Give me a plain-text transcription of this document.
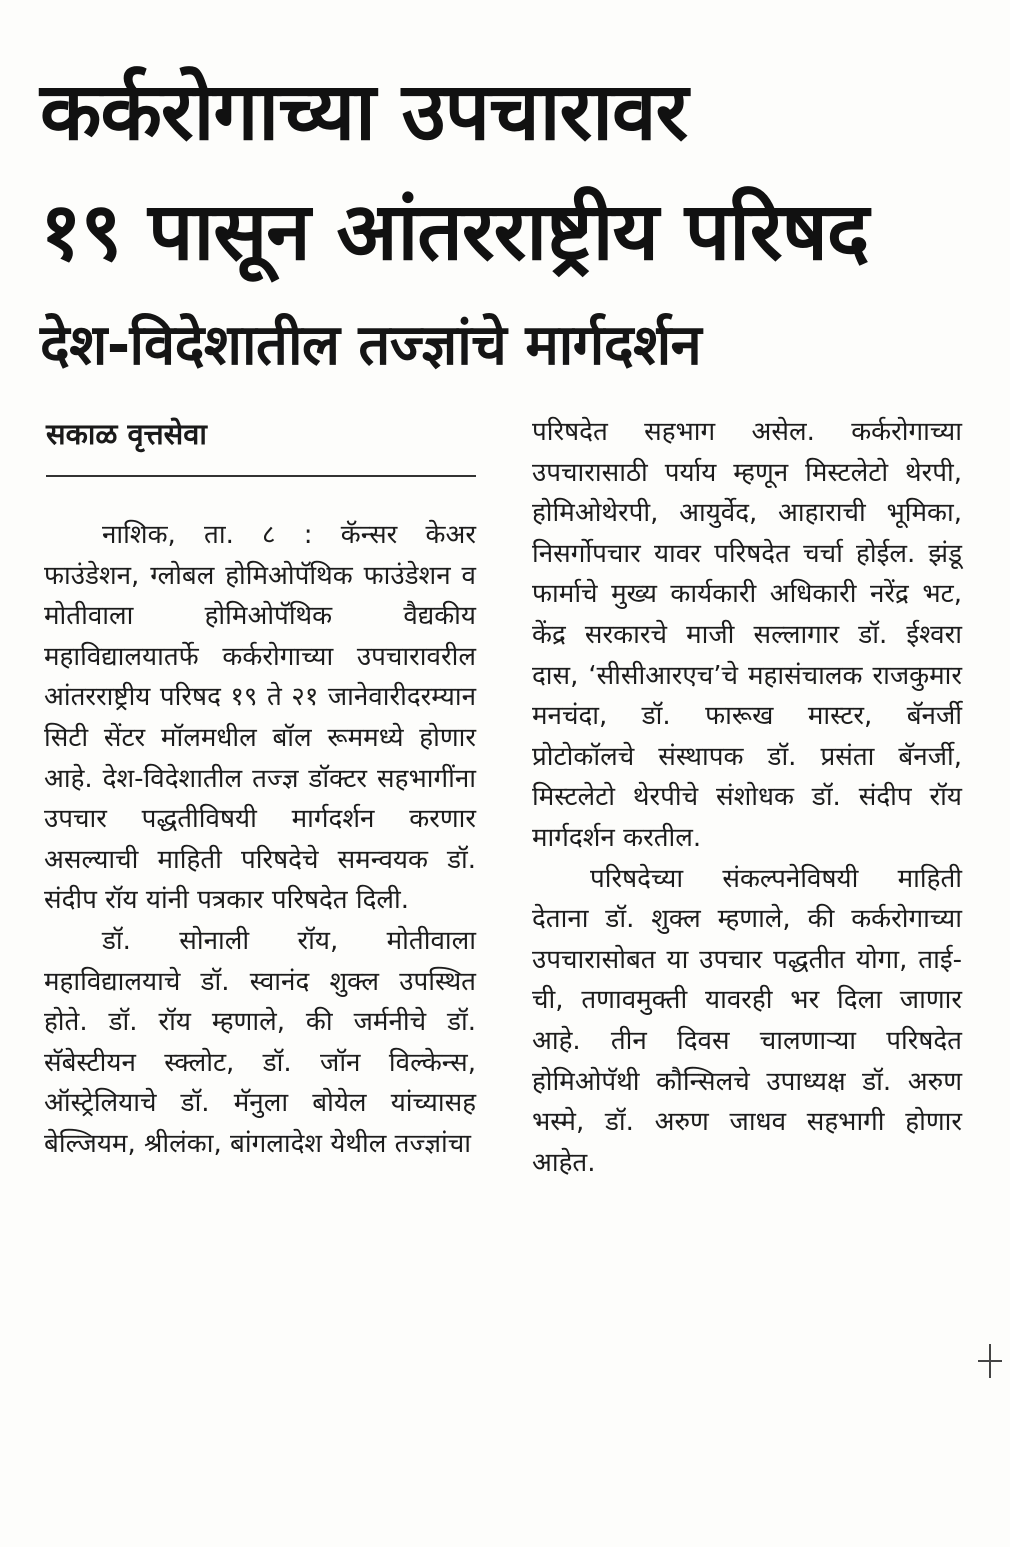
कर्करोगाच्या उपचारावर
१९ पासून आंतरराष्ट्रीय परिषद
देश-विदेशातील तज्ज्ञांचे मार्गदर्शन
सकाळ वृत्तसेवा

नाशिक, ता. ८ : कॅन्सर केअर फाउंडेशन, ग्लोबल होमिओपॅथिक फाउंडेशन व मोतीवाला होमिओपॅथिक वैद्यकीय महाविद्यालयातर्फे कर्करोगाच्या उपचारावरील आंतरराष्ट्रीय परिषद १९ ते २१ जानेवारीदरम्यान सिटी सेंटर मॉलमधील बॉल रूममध्ये होणार आहे. देश-विदेशातील तज्ज्ञ डॉक्टर सहभागींना उपचार पद्धतीविषयी मार्गदर्शन करणार असल्याची माहिती परिषदेचे समन्वयक डॉ. संदीप रॉय यांनी पत्रकार परिषदेत दिली.

डॉ. सोनाली रॉय, मोतीवाला महाविद्यालयाचे डॉ. स्वानंद शुक्ल उपस्थित होते. डॉ. रॉय म्हणाले, की जर्मनीचे डॉ. सॅबेस्टीयन स्क्लोट, डॉ. जॉन विल्केन्स, ऑस्ट्रेलियाचे डॉ. मॅनुला बोयेल यांच्यासह बेल्जियम, श्रीलंका, बांगलादेश येथील तज्ज्ञांचा

परिषदेत सहभाग असेल. कर्करोगाच्या उपचारासाठी पर्याय म्हणून मिस्टलेटो थेरपी, होमिओथेरपी, आयुर्वेद, आहाराची भूमिका, निसर्गोपचार यावर परिषदेत चर्चा होईल. झंडू फार्माचे मुख्य कार्यकारी अधिकारी नरेंद्र भट, केंद्र सरकारचे माजी सल्लागार डॉ. ईश्वरा दास, ‘सीसीआरएच’चे महासंचालक राजकुमार मनचंदा, डॉ. फारूख मास्टर, बॅनर्जी प्रोटोकॉलचे संस्थापक डॉ. प्रसंता बॅनर्जी, मिस्टलेटो थेरपीचे संशोधक डॉ. संदीप रॉय मार्गदर्शन करतील.

परिषदेच्या संकल्पनेविषयी माहिती देताना डॉ. शुक्ल म्हणाले, की कर्करोगाच्या उपचारासोबत या उपचार पद्धतीत योगा, ताई-ची, तणावमुक्ती यावरही भर दिला जाणार आहे. तीन दिवस चालणाऱ्या परिषदेत होमिओपॅथी कौन्सिलचे उपाध्यक्ष डॉ. अरुण भस्मे, डॉ. अरुण जाधव सहभागी होणार आहेत.
